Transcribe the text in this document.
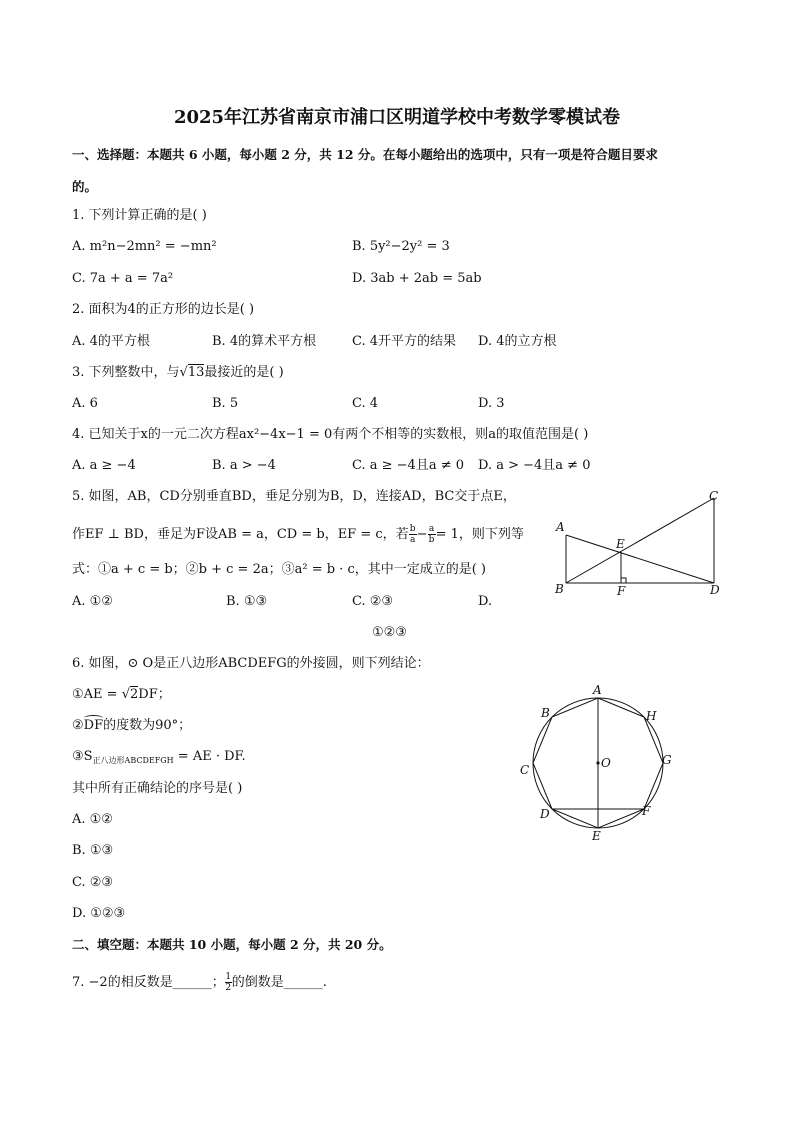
2025年江苏省南京市浦口区明道学校中考数学零模试卷
一、选择题：本题共 6 小题，每小题 2 分，共 12 分。在每小题给出的选项中，只有一项是符合题目要求
的。
1. 下列计算正确的是( )
A. m²n−2mn² = −mn²	B. 5y²−2y² = 3
C. 7a + a = 7a²	D. 3ab + 2ab = 5ab
2. 面积为4的正方形的边长是( )
A. 4的平方根	B. 4的算术平方根	C. 4开平方的结果 D. 4的立方根
3. 下列整数中，与√13最接近的是( )
A. 6	B. 5	C. 4	D. 3
4. 已知关于x的一元二次方程ax²−4x−1 = 0有两个不相等的实数根，则a的取值范围是( )
A. a ≥ −4	B. a > −4	C. a ≥ −4且a ≠ 0 D. a > −4且a ≠ 0
5. 如图，AB，CD分别垂直BD，垂足分别为B，D，连接AD，BC交于点E，
作EF ⊥ BD，垂足为F设AB = a，CD = b，EF = c，若 $\frac{b}{a} - \frac{a}{b} = 1$，则下列等
式：①a + c = b；②b + c = 2a；③a² = b · c，其中一定成立的是( )
A. ①②	B. ①③	C. ②③	D.
①②③
A
B
C
D
E
F
6. 如图，⊙ O是正八边形ABCDEFG的外接圆，则下列结论：
①AE = √2DF；
②
DF的度数为90°；
$③S_{正八边形ABCDEFGH}$ = AE · DF.
其中所有正确结论的序号是( )
A. ①②
B. ①③
C. ②③
D. ①②③
A
B
C
D
E
F
G
H
O
二、填空题：本题共 10 小题，每小题 2 分，共 20 分。
7. −2的相反数是______； $\frac{1}{2}$ 的倒数是______.
